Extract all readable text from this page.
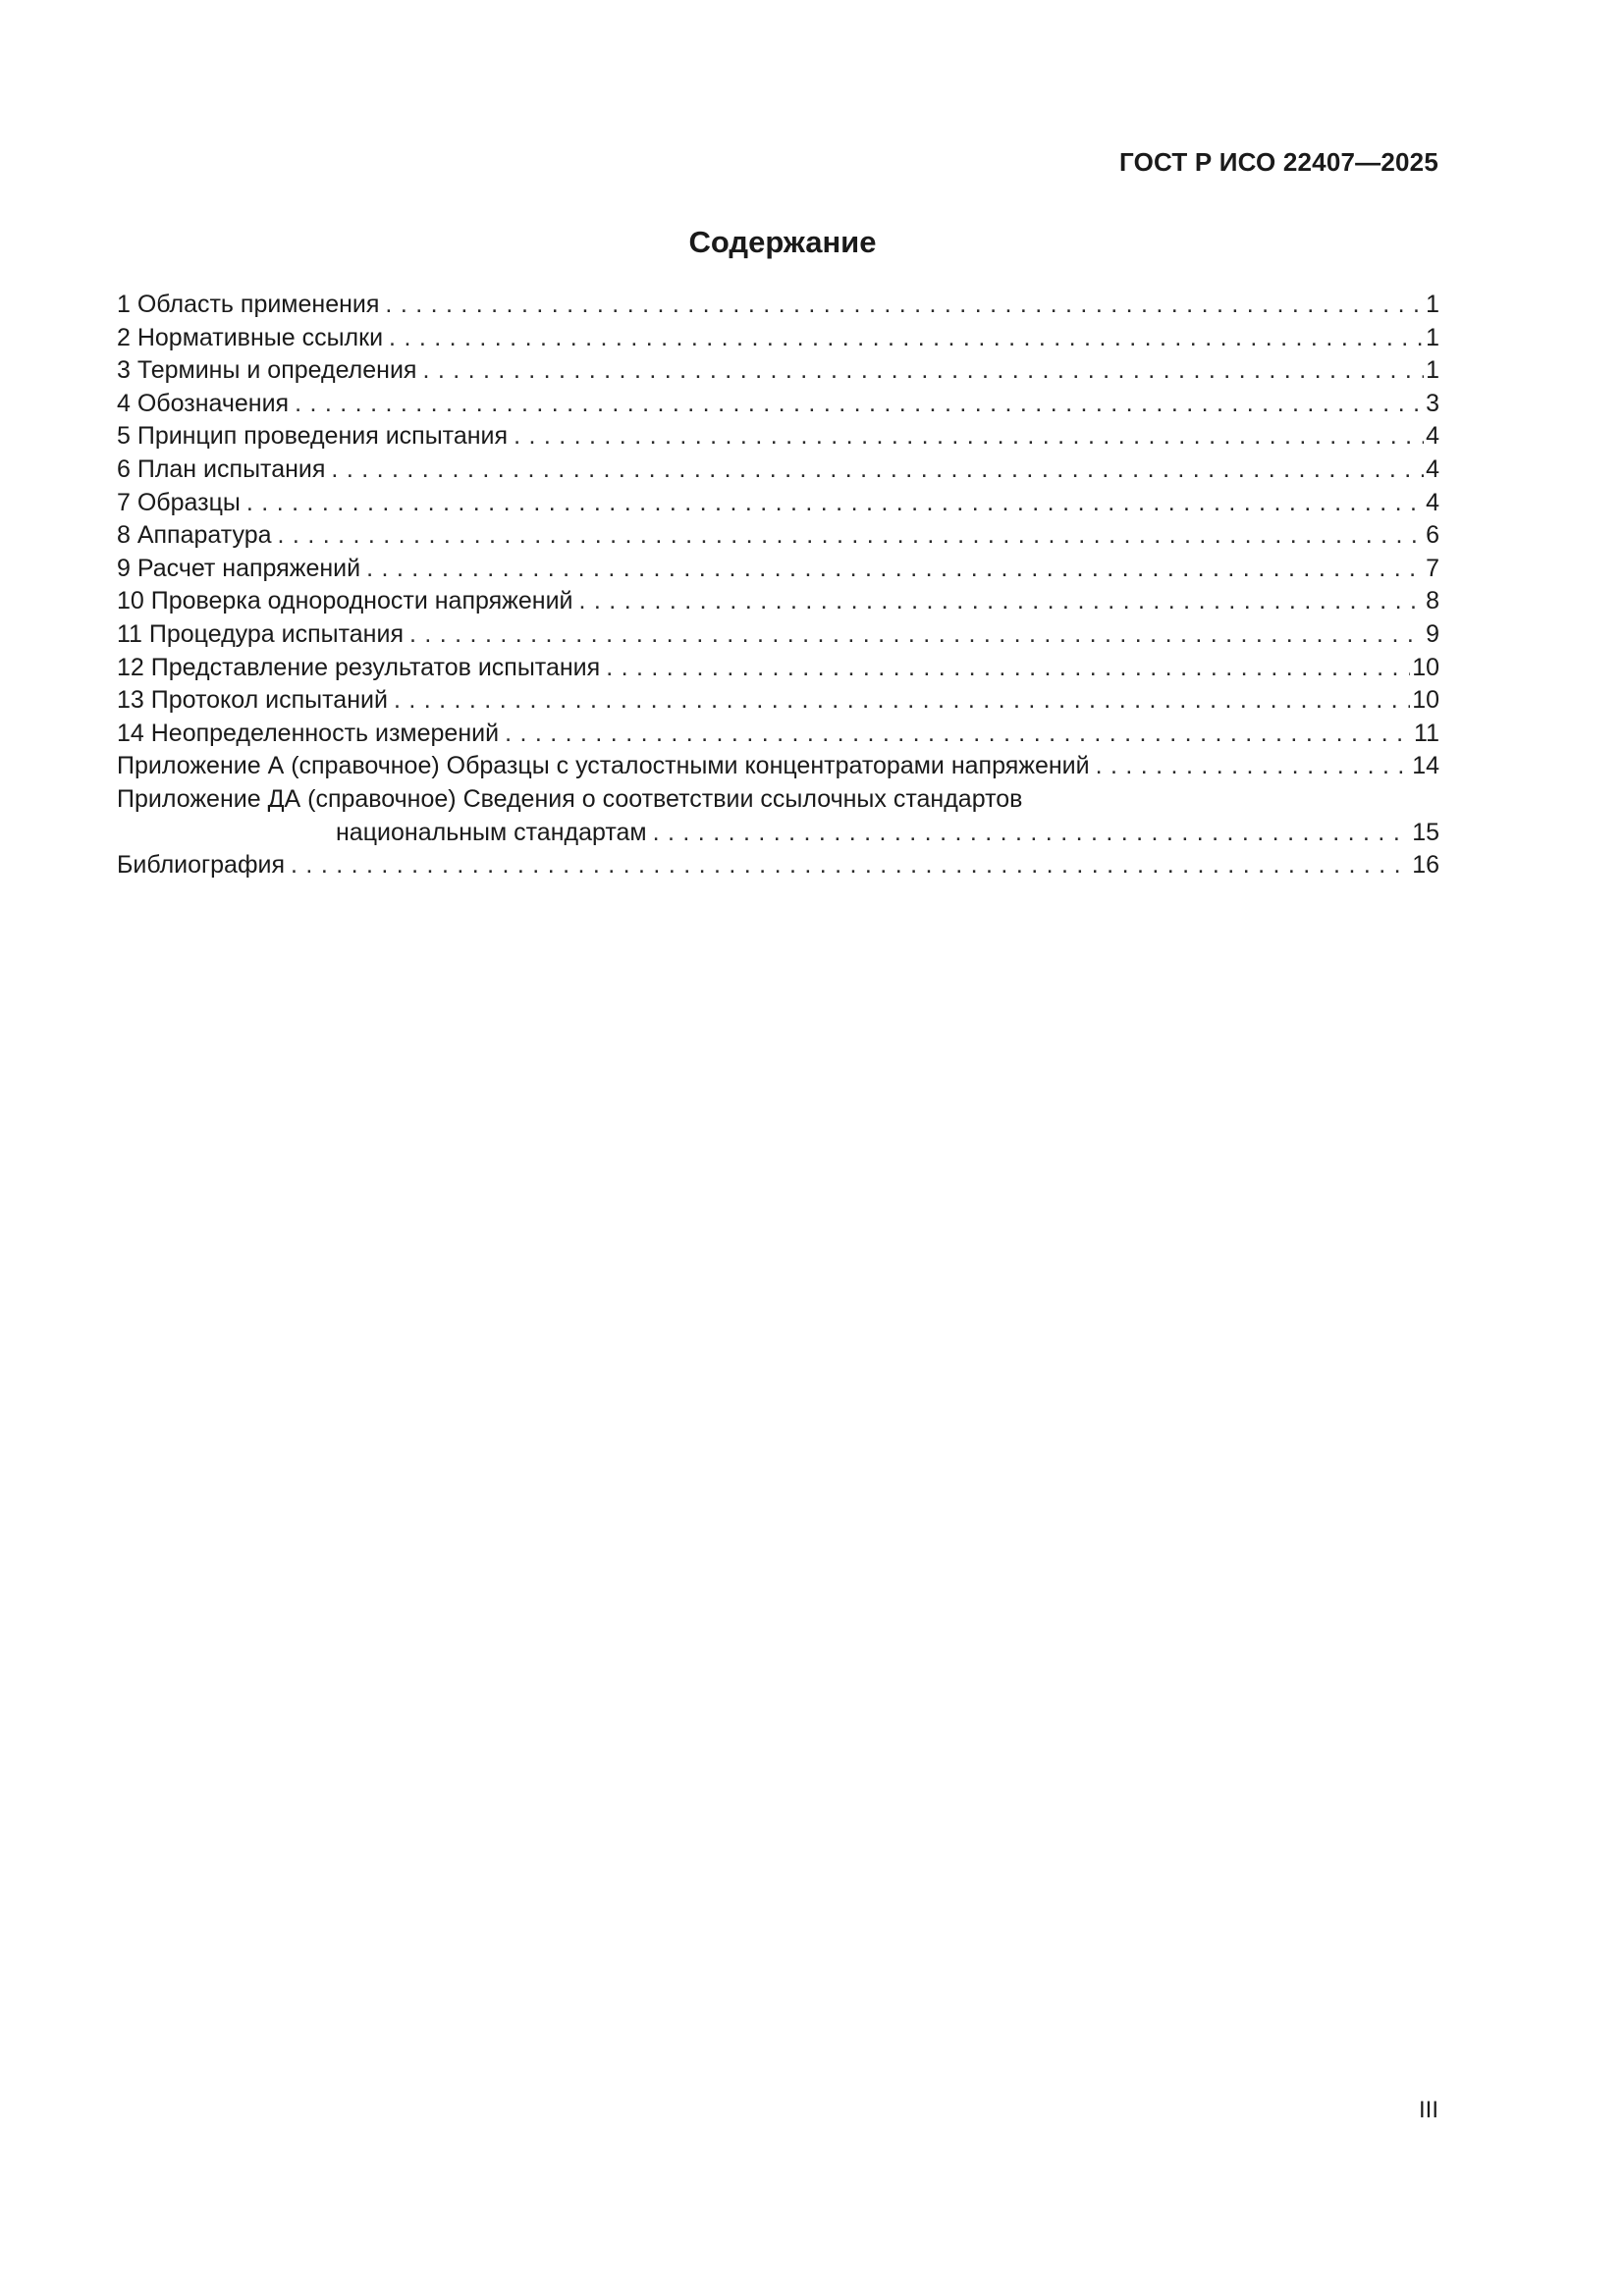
ГОСТ Р ИСО 22407—2025
Содержание
1 Область применения . . .	1
2 Нормативные ссылки . . .	1
3 Термины и определения . . .	1
4 Обозначения . . .	3
5 Принцип проведения испытания . . .	4
6 План испытания . . .	4
7 Образцы . . .	4
8 Аппаратура . . .	6
9 Расчет напряжений . . .	7
10 Проверка однородности напряжений . . .	8
11 Процедура испытания . . .	9
12 Представление результатов испытания . . .	10
13 Протокол испытаний . . .	10
14 Неопределенность измерений . . .	11
Приложение А (справочное) Образцы с усталостными концентраторами напряжений . . .	14
Приложение ДА (справочное) Сведения о соответствии ссылочных стандартов
национальным стандартам . . .	15
Библиография . . .	16
III
